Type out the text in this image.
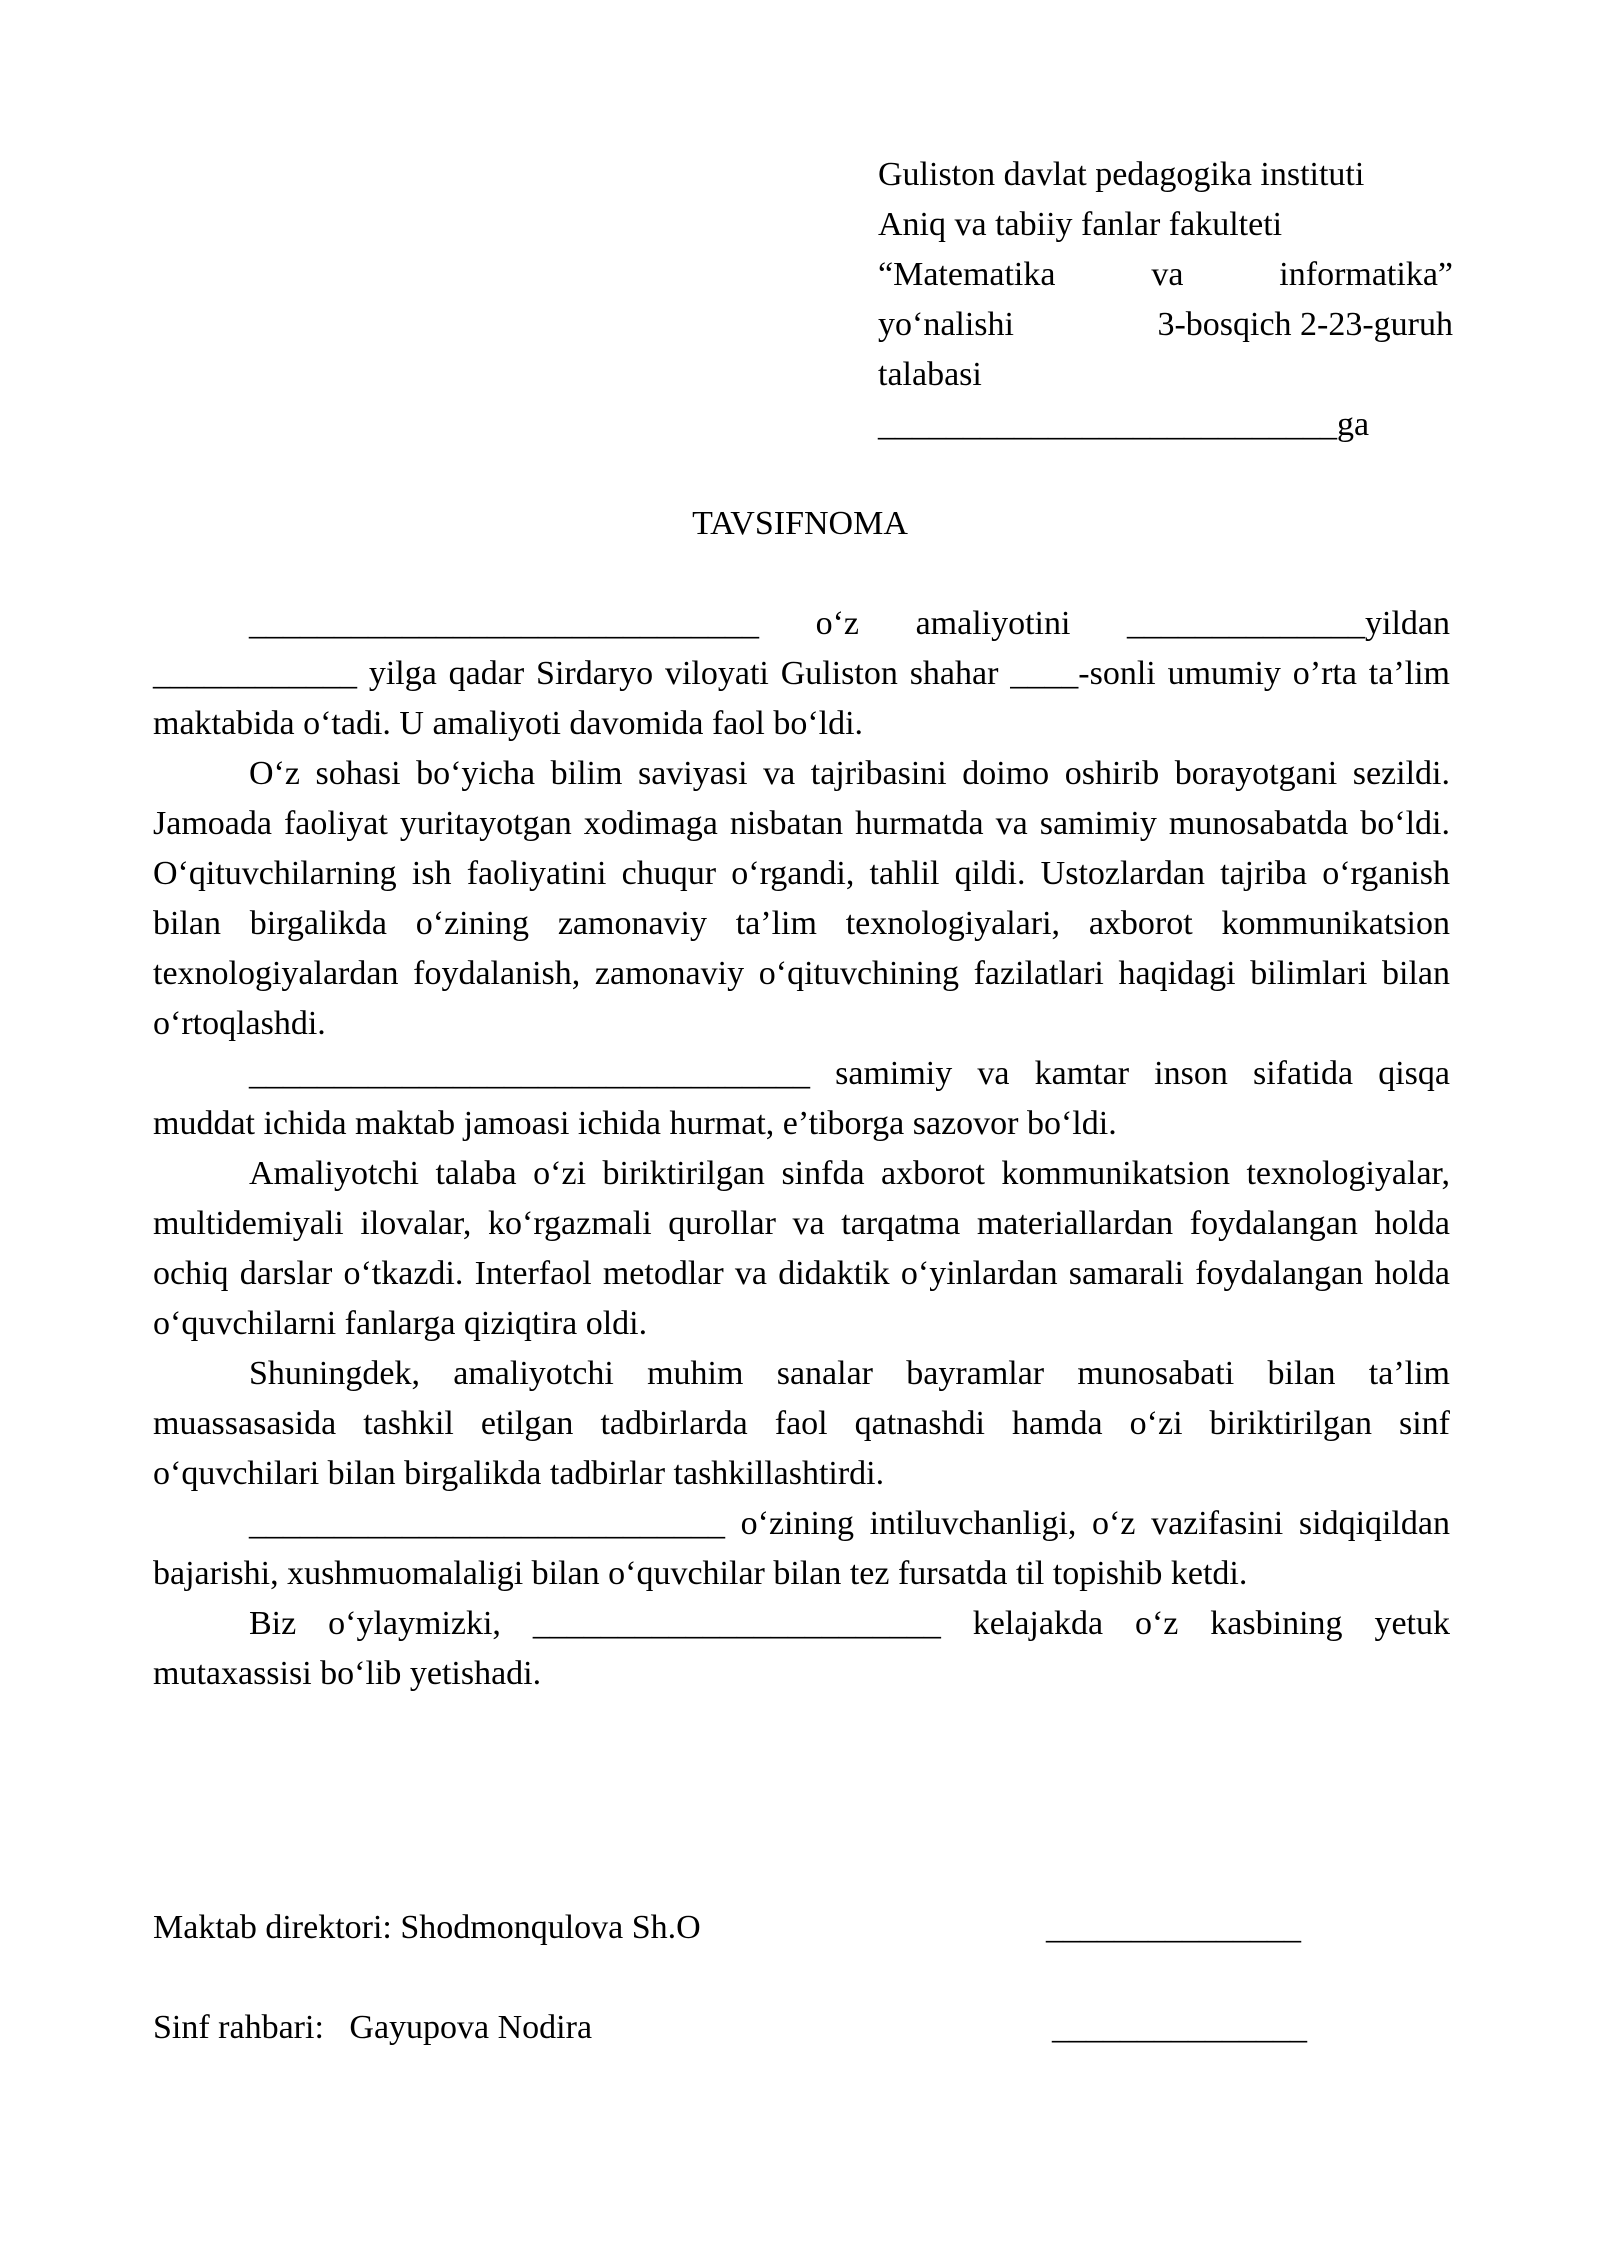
Guliston davlat pedagogika instituti
Aniq va tabiiy fanlar fakulteti
“Matematika	va	informatika”
yo‘nalishi	3-bosqich 2-23-guruh
talabasi
___________________________ga
TAVSIFNOMA

______________________________ o‘z amaliyotini ______________yildan ____________ yilga qadar Sirdaryo viloyati Guliston shahar ____-sonli umumiy o’rta ta’lim maktabida o‘tadi. U amaliyoti davomida faol bo‘ldi.

O‘z sohasi bo‘yicha bilim saviyasi va tajribasini doimo oshirib borayotgani sezildi. Jamoada faoliyat yuritayotgan xodimaga nisbatan hurmatda va samimiy munosabatda bo‘ldi. O‘qituvchilarning ish faoliyatini chuqur o‘rgandi, tahlil qildi. Ustozlardan tajriba o‘rganish bilan birgalikda o‘zining zamonaviy ta’lim texnologiyalari, axborot kommunikatsion texnologiyalardan foydalanish, zamonaviy o‘qituvchining fazilatlari haqidagi bilimlari bilan o‘rtoqlashdi.

_________________________________ samimiy va kamtar inson sifatida qisqa muddat ichida maktab jamoasi ichida hurmat, e’tiborga sazovor bo‘ldi.

Amaliyotchi talaba o‘zi biriktirilgan sinfda axborot kommunikatsion texnologiyalar, multidemiyali ilovalar, ko‘rgazmali qurollar va tarqatma materiallardan foydalangan holda ochiq darslar o‘tkazdi. Interfaol metodlar va didaktik o‘yinlardan samarali foydalangan holda o‘quvchilarni fanlarga qiziqtira oldi.

Shuningdek, amaliyotchi muhim sanalar bayramlar munosabati bilan ta’lim muassasasida tashkil etilgan tadbirlarda faol qatnashdi hamda o‘zi biriktirilgan sinf o‘quvchilari bilan birgalikda tadbirlar tashkillashtirdi.

____________________________ o‘zining intiluvchanligi, o‘z vazifasini sidqiqildan bajarishi, xushmuomalaligi bilan o‘quvchilar bilan tez fursatda til topishib ketdi.

Biz o‘ylaymizki, ________________________ kelajakda o‘z kasbining yetuk mutaxassisi bo‘lib yetishadi.

Maktab direktori: Shodmonqulova Sh.O	_______________
Sinf rahbari:   Gayupova Nodira	_______________
